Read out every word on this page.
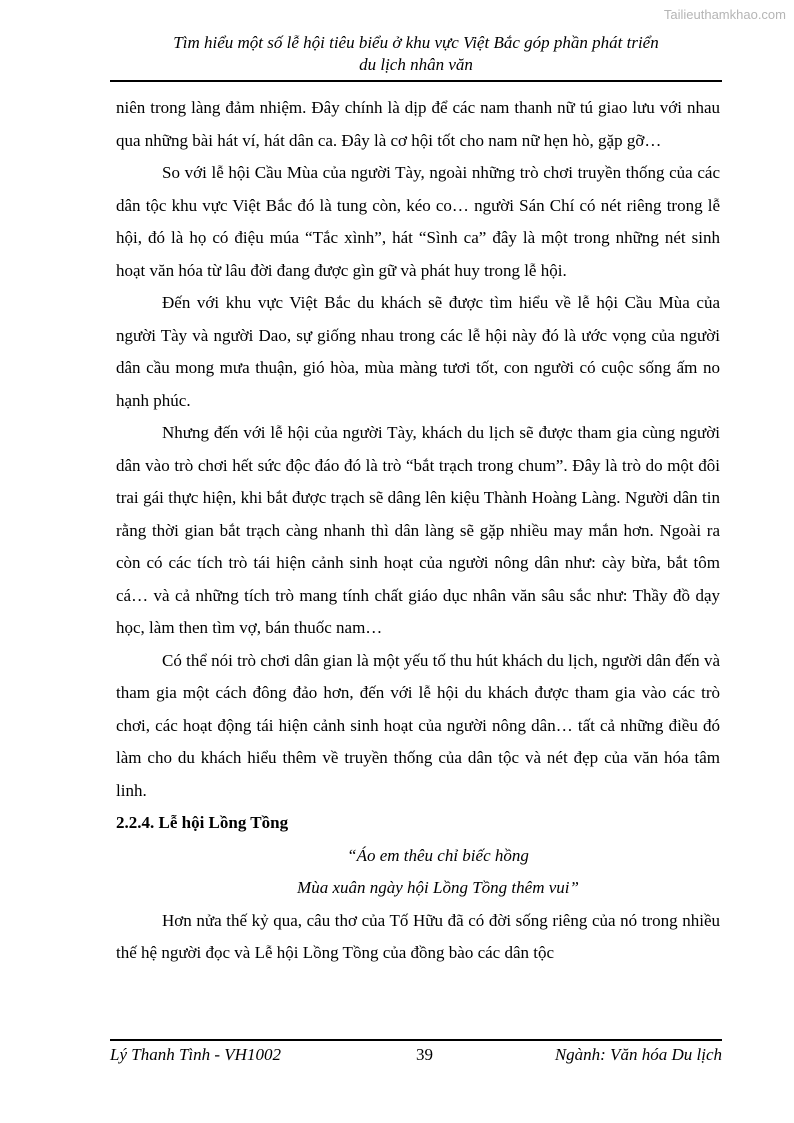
Tailieuthamkhao.com
Tìm hiểu một số lễ hội tiêu biểu ở khu vực Việt Bắc góp phần phát triển
du lịch nhân văn

niên trong làng đảm nhiệm. Đây chính là dịp để các nam thanh nữ tú giao lưu với nhau qua những bài hát ví, hát dân ca. Đây là cơ hội tốt cho nam nữ hẹn hò, gặp gỡ…

So với lễ hội Cầu Mùa của người Tày, ngoài những trò chơi truyền thống của các dân tộc khu vực Việt Bắc đó là tung còn, kéo co… người Sán Chí có nét riêng trong lễ hội, đó là họ có điệu múa “Tắc xình”, hát “Sình ca” đây là một trong những nét sinh hoạt văn hóa từ lâu đời đang được gìn gữ và phát huy trong lễ hội.

Đến với khu vực Việt Bắc du khách sẽ được tìm hiểu về lễ hội Cầu Mùa của người Tày và người Dao, sự giống nhau trong các lễ hội này đó là ước vọng của người dân cầu mong mưa thuận, gió hòa, mùa màng tươi tốt, con người có cuộc sống ấm no hạnh phúc.

Nhưng đến với lễ hội của người Tày, khách du lịch sẽ được tham gia cùng người dân vào trò chơi hết sức độc đáo đó là trò “bắt trạch trong chum”. Đây là trò do một đôi trai gái thực hiện, khi bắt được trạch sẽ dâng lên kiệu Thành Hoàng Làng. Người dân tin rằng thời gian bắt trạch càng nhanh thì dân làng sẽ gặp nhiều may mắn hơn. Ngoài ra còn có các tích trò tái hiện cảnh sinh hoạt của người nông dân như: cày bừa, bắt tôm cá… và cả những tích trò mang tính chất giáo dục nhân văn sâu sắc như: Thầy đồ dạy học, làm then tìm vợ, bán thuốc nam…

Có thể nói trò chơi dân gian là một yếu tố thu hút khách du lịch, người dân đến và tham gia một cách đông đảo hơn, đến với lễ hội du khách được tham gia vào các trò chơi, các hoạt động tái hiện cảnh sinh hoạt của người nông dân… tất cả những điều đó làm cho du khách hiểu thêm về truyền thống của dân tộc và nét đẹp của văn hóa tâm linh.

2.2.4. Lễ hội Lồng Tồng

“Áo em thêu chỉ biếc hồng

Mùa xuân ngày hội Lồng Tồng thêm vui”

Hơn nửa thế kỷ qua, câu thơ của Tố Hữu đã có đời sống riêng của nó trong nhiều thế hệ người đọc và Lễ hội Lồng Tồng của đồng bào các dân tộc

Lý Thanh Tình - VH1002	39	Ngành: Văn hóa Du lịch
